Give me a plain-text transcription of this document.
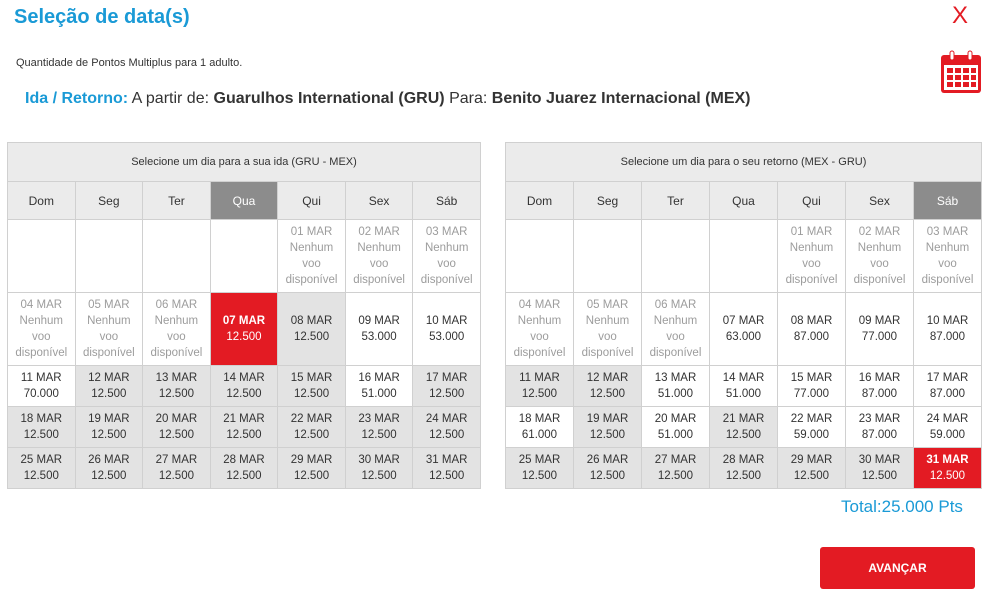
Seleção de data(s)	X
Quantidade de Pontos Multiplus para 1 adulto.
Ida / Retorno: A partir de: Guarulhos International (GRU) Para: Benito Juarez Internacional (MEX)
Selecione um dia para a sua ida (GRU - MEX)						
Dom	Seg	Ter	Qua	Qui	Sex	Sáb

				01 MAR
Nenhum
voo
disponível	02 MAR
Nenhum
voo
disponível	03 MAR
Nenhum
voo
disponível

04 MAR
Nenhum
voo
disponível	05 MAR
Nenhum
voo
disponível	06 MAR
Nenhum
voo
disponível	07 MAR
12.500	08 MAR
12.500	09 MAR
53.000	10 MAR
53.000

11 MAR
70.000	12 MAR
12.500	13 MAR
12.500	14 MAR
12.500	15 MAR
12.500	16 MAR
51.000	17 MAR
12.500

18 MAR
12.500	19 MAR
12.500	20 MAR
12.500	21 MAR
12.500	22 MAR
12.500	23 MAR
12.500	24 MAR
12.500

25 MAR
12.500	26 MAR
12.500	27 MAR
12.500	28 MAR
12.500	29 MAR
12.500	30 MAR
12.500	31 MAR
12.500
Selecione um dia para o seu retorno (MEX - GRU)						
Dom	Seg	Ter	Qua	Qui	Sex	Sáb

				01 MAR
Nenhum
voo
disponível	02 MAR
Nenhum
voo
disponível	03 MAR
Nenhum
voo
disponível

04 MAR
Nenhum
voo
disponível	05 MAR
Nenhum
voo
disponível	06 MAR
Nenhum
voo
disponível	07 MAR
63.000	08 MAR
87.000	09 MAR
77.000	10 MAR
87.000

11 MAR
12.500	12 MAR
12.500	13 MAR
51.000	14 MAR
51.000	15 MAR
77.000	16 MAR
87.000	17 MAR
87.000

18 MAR
61.000	19 MAR
12.500	20 MAR
51.000	21 MAR
12.500	22 MAR
59.000	23 MAR
87.000	24 MAR
59.000

25 MAR
12.500	26 MAR
12.500	27 MAR
12.500	28 MAR
12.500	29 MAR
12.500	30 MAR
12.500	31 MAR
12.500
Total:25.000 Pts
AVANÇAR
